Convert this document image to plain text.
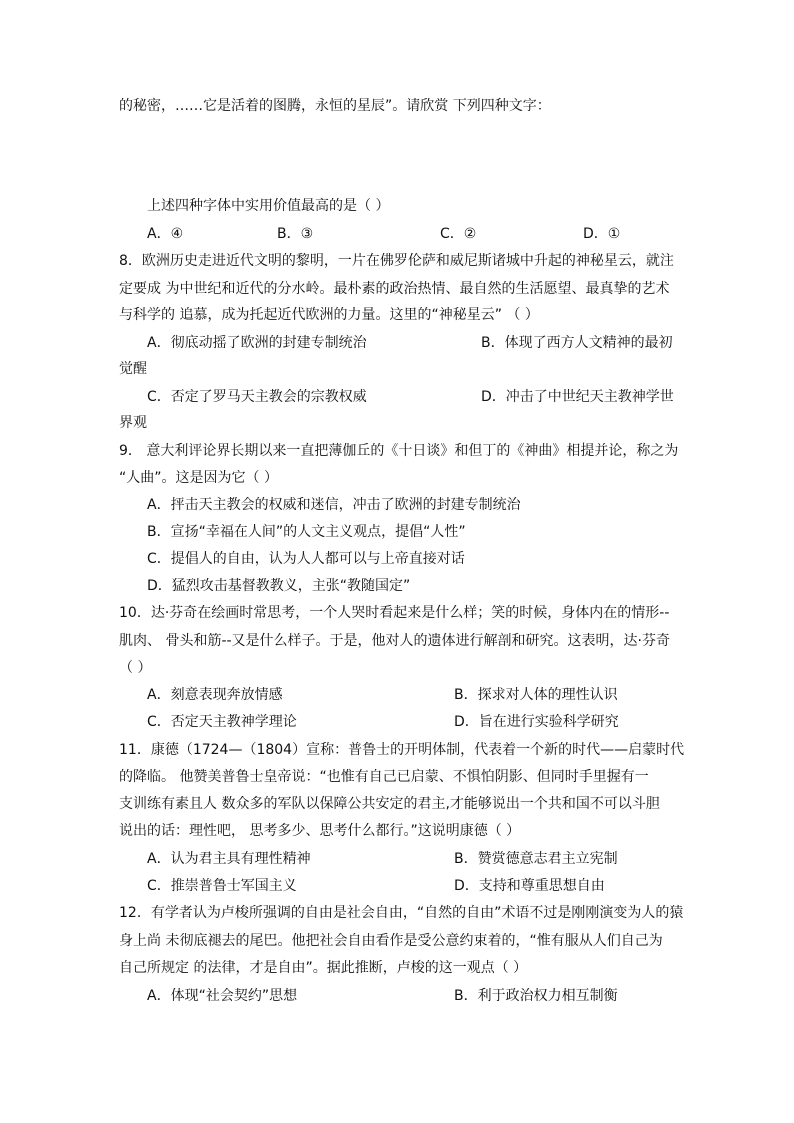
的秘密，……它是活着的图腾，永恒的星辰”。请欣赏 下列四种文字：
上述四种字体中实用价值最高的是（ ）
A．④	B．③	C．②	D．①
8．欧洲历史走进近代文明的黎明，一片在佛罗伦萨和威尼斯诸城中升起的神秘星云，就注
定要成 为中世纪和近代的分水岭。最朴素的政治热情、最自然的生活愿望、最真挚的艺术
与科学的 追慕，成为托起近代欧洲的力量。这里的“神秘星云” （ ）
A．彻底动摇了欧洲的封建专制统治	B．体现了西方人文精神的最初
觉醒
C．否定了罗马天主教会的宗教权威	D．冲击了中世纪天主教神学世
界观
9． 意大利评论界长期以来一直把薄伽丘的《十日谈》和但丁的《神曲》相提并论，称之为
“人曲”。这是因为它（ ）
A．抨击天主教会的权威和迷信，冲击了欧洲的封建专制统治
B．宣扬“幸福在人间”的人文主义观点，提倡“人性”
C．提倡人的自由，认为人人都可以与上帝直接对话
D．猛烈攻击基督教教义，主张“教随国定”
10．达·芬奇在绘画时常思考，一个人哭时看起来是什么样；笑的时候，身体内在的情形--
肌肉、 骨头和筋--又是什么样子。于是，他对人的遗体进行解剖和研究。这表明，达·芬奇
（ ）
A．刻意表现奔放情感	B．探求对人体的理性认识
C．否定天主教神学理论	D．旨在进行实验科学研究
11．康德（1724—（1804）宣称：普鲁士的开明体制，代表着一个新的时代——启蒙时代
的降临。 他赞美普鲁士皇帝说：“也惟有自己已启蒙、不惧怕阴影、但同时手里握有一
支训练有素且人 数众多的军队以保障公共安定的君主,才能够说出一个共和国不可以斗胆
说出的话：理性吧， 思考多少、思考什么都行。”这说明康德（ ）
A．认为君主具有理性精神	B．赞赏德意志君主立宪制
C．推崇普鲁士军国主义	D．支持和尊重思想自由
12．有学者认为卢梭所强调的自由是社会自由，“自然的自由”术语不过是刚刚演变为人的猿
身上尚 未彻底褪去的尾巴。他把社会自由看作是受公意约束着的，“惟有服从人们自己为
自己所规定 的法律，才是自由”。据此推断，卢梭的这一观点（ ）
A．体现“社会契约”思想	B．利于政治权力相互制衡
